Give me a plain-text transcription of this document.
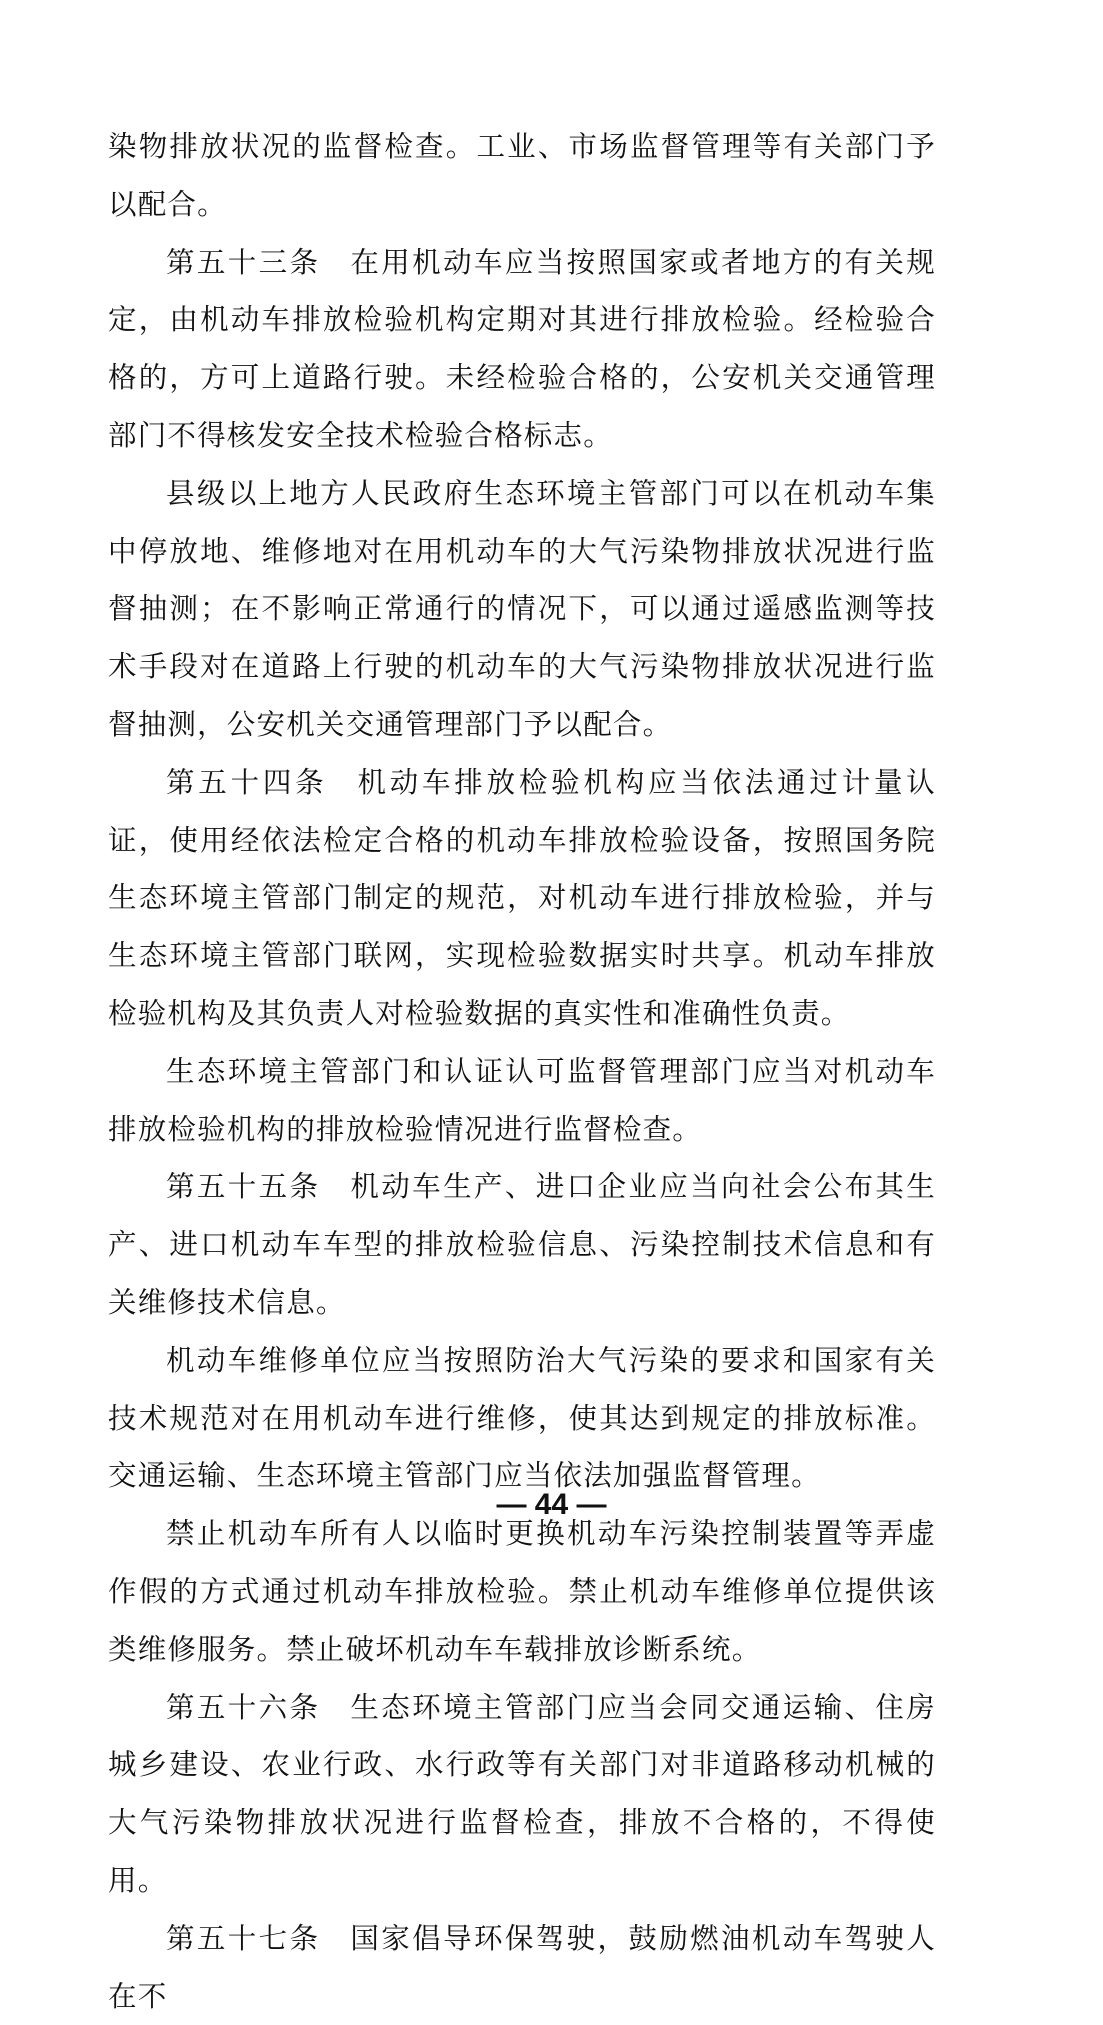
染物排放状况的监督检查。工业、市场监督管理等有关部门予以配合。

第五十三条 在用机动车应当按照国家或者地方的有关规定，由机动车排放检验机构定期对其进行排放检验。经检验合格的，方可上道路行驶。未经检验合格的，公安机关交通管理部门不得核发安全技术检验合格标志。

县级以上地方人民政府生态环境主管部门可以在机动车集中停放地、维修地对在用机动车的大气污染物排放状况进行监督抽测；在不影响正常通行的情况下，可以通过遥感监测等技术手段对在道路上行驶的机动车的大气污染物排放状况进行监督抽测，公安机关交通管理部门予以配合。

第五十四条 机动车排放检验机构应当依法通过计量认证，使用经依法检定合格的机动车排放检验设备，按照国务院生态环境主管部门制定的规范，对机动车进行排放检验，并与生态环境主管部门联网，实现检验数据实时共享。机动车排放检验机构及其负责人对检验数据的真实性和准确性负责。

生态环境主管部门和认证认可监督管理部门应当对机动车排放检验机构的排放检验情况进行监督检查。

第五十五条 机动车生产、进口企业应当向社会公布其生产、进口机动车车型的排放检验信息、污染控制技术信息和有关维修技术信息。

机动车维修单位应当按照防治大气污染的要求和国家有关技术规范对在用机动车进行维修，使其达到规定的排放标准。交通运输、生态环境主管部门应当依法加强监督管理。

禁止机动车所有人以临时更换机动车污染控制装置等弄虚作假的方式通过机动车排放检验。禁止机动车维修单位提供该类维修服务。禁止破坏机动车车载排放诊断系统。

第五十六条 生态环境主管部门应当会同交通运输、住房城乡建设、农业行政、水行政等有关部门对非道路移动机械的大气污染物排放状况进行监督检查，排放不合格的，不得使用。

第五十七条 国家倡导环保驾驶，鼓励燃油机动车驾驶人在不

— 44 —
